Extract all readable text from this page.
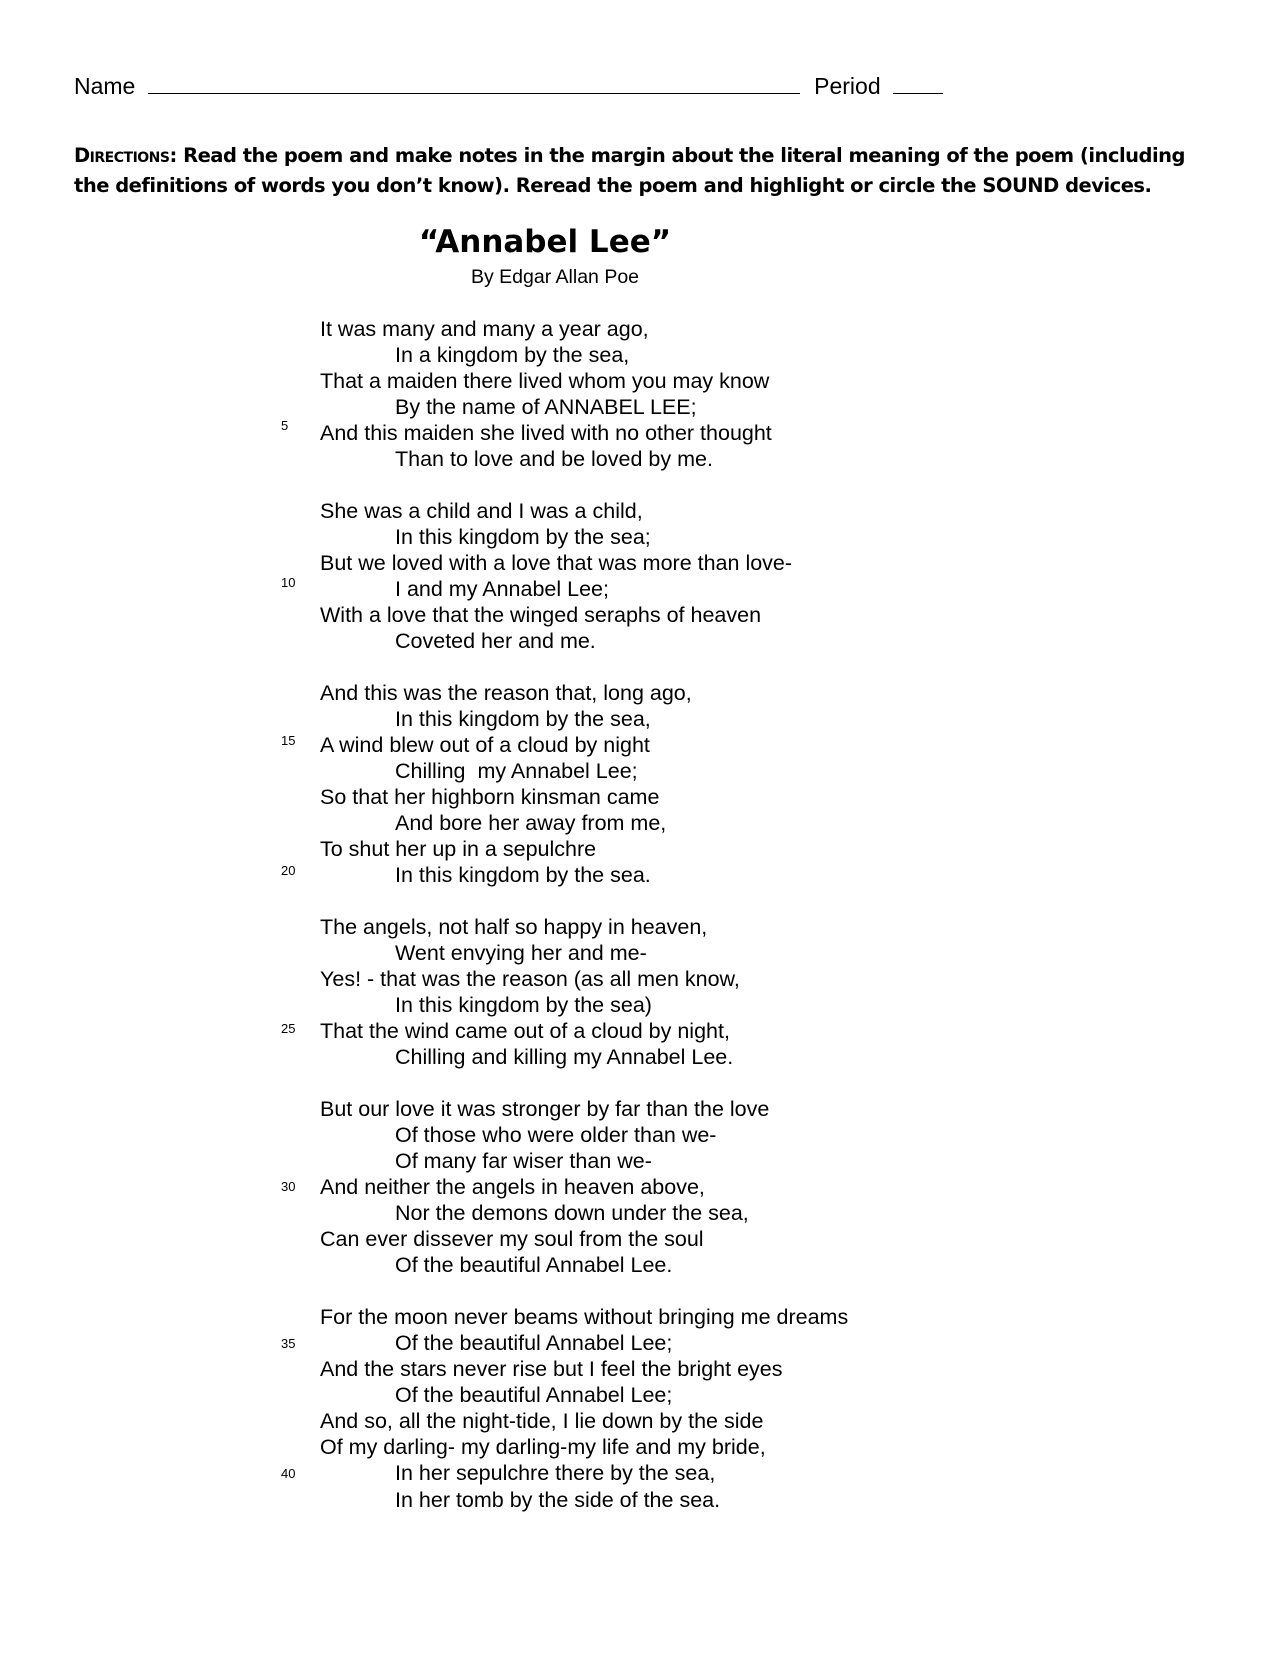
Name	Period
Directions: Read the poem and make notes in the margin about the literal meaning of the poem (including the definitions of words you don’t know). Reread the poem and highlight or circle the SOUND devices.
“Annabel Lee”
By Edgar Allan Poe
It was many and many a year ago,
In a kingdom by the sea,
That a maiden there lived whom you may know
By the name of ANNABEL LEE;
And this maiden she lived with no other thought
Than to love and be loved by me.
She was a child and I was a child,
In this kingdom by the sea;
But we loved with a love that was more than love-
I and my Annabel Lee;
With a love that the winged seraphs of heaven
Coveted her and me.
And this was the reason that, long ago,
In this kingdom by the sea,
A wind blew out of a cloud by night
Chilling  my Annabel Lee;
So that her highborn kinsman came
And bore her away from me,
To shut her up in a sepulchre
In this kingdom by the sea.
The angels, not half so happy in heaven,
Went envying her and me-
Yes! - that was the reason (as all men know,
In this kingdom by the sea)
That the wind came out of a cloud by night,
Chilling and killing my Annabel Lee.
But our love it was stronger by far than the love
Of those who were older than we-
Of many far wiser than we-
And neither the angels in heaven above,
Nor the demons down under the sea,
Can ever dissever my soul from the soul
Of the beautiful Annabel Lee.
For the moon never beams without bringing me dreams
Of the beautiful Annabel Lee;
And the stars never rise but I feel the bright eyes
Of the beautiful Annabel Lee;
And so, all the night-tide, I lie down by the side
Of my darling- my darling-my life and my bride,
In her sepulchre there by the sea,
In her tomb by the side of the sea.
5
10
15
20
25
30
35
40
